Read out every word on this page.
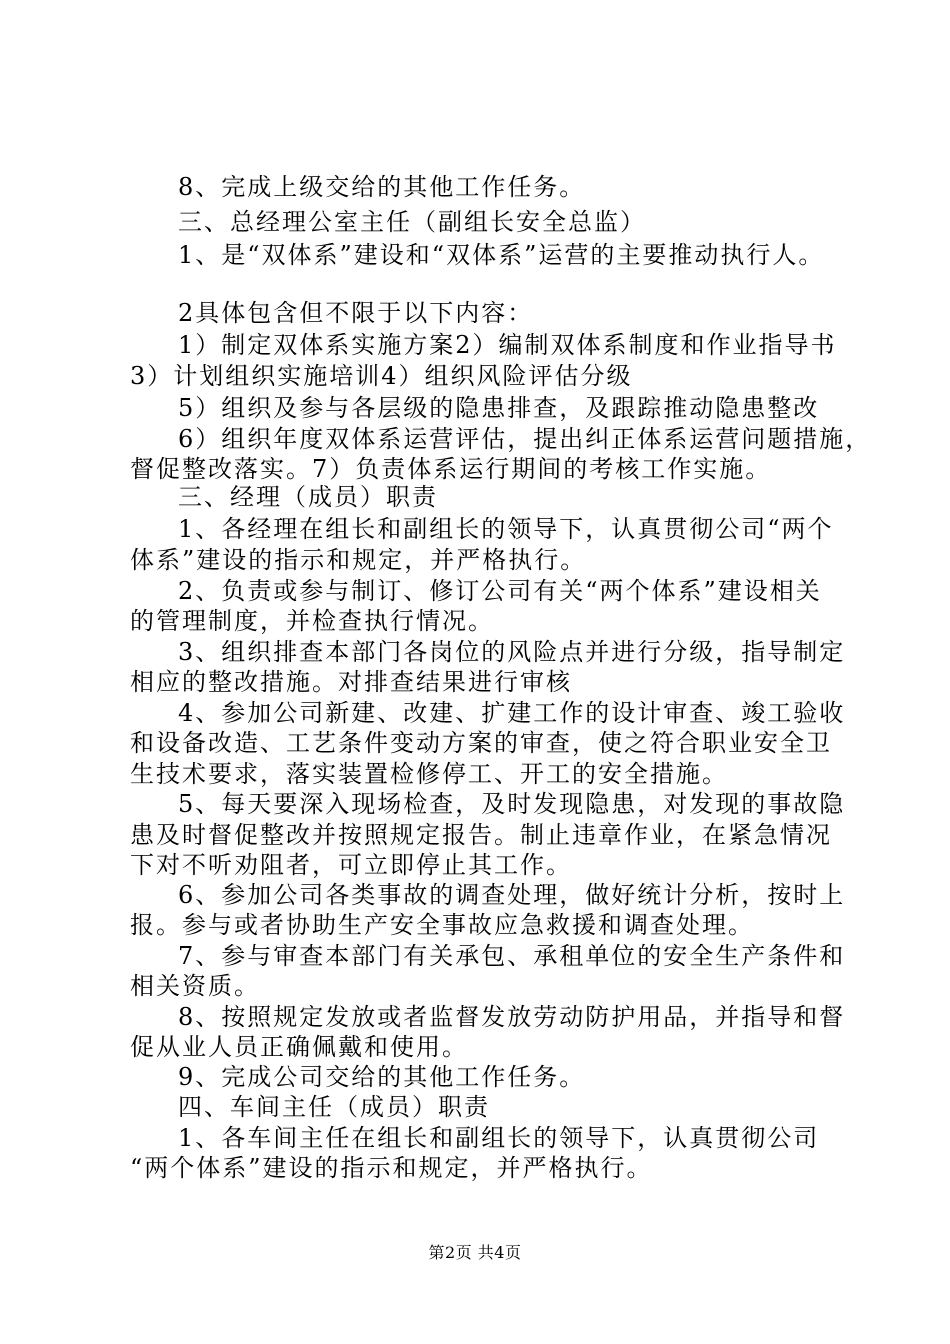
8、完成上级交给的其他工作任务。
三、总经理公室主任（副组长安全总监）
1、是“双体系”建设和“双体系”运营的主要推动执行人。
2具体包含但不限于以下内容：
1）制定双体系实施方案2）编制双体系制度和作业指导书
3）计划组织实施培训4）组织风险评估分级
5）组织及参与各层级的隐患排查，及跟踪推动隐患整改
6）组织年度双体系运营评估，提出纠正体系运营问题措施，
督促整改落实。7）负责体系运行期间的考核工作实施。
三、经理（成员）职责
1、各经理在组长和副组长的领导下，认真贯彻公司“两个
体系”建设的指示和规定，并严格执行。
2、负责或参与制订、修订公司有关“两个体系”建设相关
的管理制度，并检查执行情况。
3、组织排查本部门各岗位的风险点并进行分级，指导制定
相应的整改措施。对排查结果进行审核
4、参加公司新建、改建、扩建工作的设计审查、竣工验收
和设备改造、工艺条件变动方案的审查，使之符合职业安全卫
生技术要求，落实装置检修停工、开工的安全措施。
5、每天要深入现场检查，及时发现隐患，对发现的事故隐
患及时督促整改并按照规定报告。制止违章作业，在紧急情况
下对不听劝阻者，可立即停止其工作。
6、参加公司各类事故的调查处理，做好统计分析，按时上
报。参与或者协助生产安全事故应急救援和调查处理。
7、参与审查本部门有关承包、承租单位的安全生产条件和
相关资质。
8、按照规定发放或者监督发放劳动防护用品，并指导和督
促从业人员正确佩戴和使用。
9、完成公司交给的其他工作任务。
四、车间主任（成员）职责
1、各车间主任在组长和副组长的领导下，认真贯彻公司
“两个体系”建设的指示和规定，并严格执行。
第2页 共4页
